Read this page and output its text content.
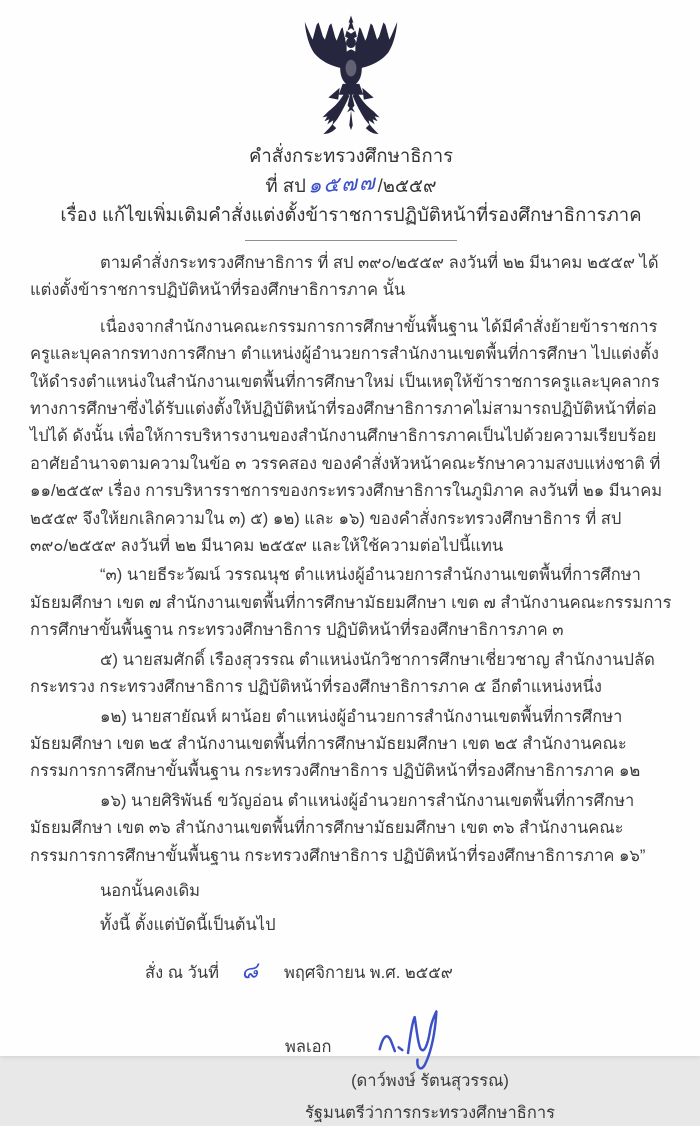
คำสั่งกระทรวงศึกษาธิการ
ที่ สป๑๕๗๗/๒๕๕๙
เรื่อง แก้ไขเพิ่มเติมคำสั่งแต่งตั้งข้าราชการปฏิบัติหน้าที่รองศึกษาธิการภาค

ตามคำสั่งกระทรวงศึกษาธิการ ที่ สป ๓๙๐/๒๕๕๙ ลงวันที่ ๒๒ มีนาคม ๒๕๕๙ ได้แต่งตั้งข้าราชการปฏิบัติหน้าที่รองศึกษาธิการภาค นั้น

เนื่องจากสำนักงานคณะกรรมการการศึกษาขั้นพื้นฐาน ได้มีคำสั่งย้ายข้าราชการครูและบุคลากรทางการศึกษา ตำแหน่งผู้อำนวยการสำนักงานเขตพื้นที่การศึกษา ไปแต่งตั้งให้ดำรงตำแหน่งในสำนักงานเขตพื้นที่การศึกษาใหม่ เป็นเหตุให้ข้าราชการครูและบุคลากรทางการศึกษาซึ่งได้รับแต่งตั้งให้ปฏิบัติหน้าที่รองศึกษาธิการภาคไม่สามารถปฏิบัติหน้าที่ต่อไปได้ ดังนั้น เพื่อให้การบริหารงานของสำนักงานศึกษาธิการภาคเป็นไปด้วยความเรียบร้อย อาศัยอำนาจตามความในข้อ ๓ วรรคสอง ของคำสั่งหัวหน้าคณะรักษาความสงบแห่งชาติ ที่ ๑๑/๒๕๕๙ เรื่อง การบริหารราชการของกระทรวงศึกษาธิการในภูมิภาค ลงวันที่ ๒๑ มีนาคม ๒๕๕๙ จึงให้ยกเลิกความใน ๓) ๕) ๑๒) และ ๑๖) ของคำสั่งกระทรวงศึกษาธิการ ที่ สป ๓๙๐/๒๕๕๙ ลงวันที่ ๒๒ มีนาคม ๒๕๕๙ และให้ใช้ความต่อไปนี้แทน

“๓) นายธีระวัฒน์ วรรณนุช ตำแหน่งผู้อำนวยการสำนักงานเขตพื้นที่การศึกษามัธยมศึกษา เขต ๗ สำนักงานเขตพื้นที่การศึกษามัธยมศึกษา เขต ๗ สำนักงานคณะกรรมการการศึกษาขั้นพื้นฐาน กระทรวงศึกษาธิการ ปฏิบัติหน้าที่รองศึกษาธิการภาค ๓

๕) นายสมศักดิ์ เรืองสุวรรณ ตำแหน่งนักวิชาการศึกษาเชี่ยวชาญ สำนักงานปลัดกระทรวง กระทรวงศึกษาธิการ ปฏิบัติหน้าที่รองศึกษาธิการภาค ๕ อีกตำแหน่งหนึ่ง

๑๒) นายสายัณห์ ผาน้อย ตำแหน่งผู้อำนวยการสำนักงานเขตพื้นที่การศึกษามัธยมศึกษา เขต ๒๕ สำนักงานเขตพื้นที่การศึกษามัธยมศึกษา เขต ๒๕ สำนักงานคณะกรรมการการศึกษาขั้นพื้นฐาน กระทรวงศึกษาธิการ ปฏิบัติหน้าที่รองศึกษาธิการภาค ๑๒

๑๖) นายศิริพันธ์ ขวัญอ่อน ตำแหน่งผู้อำนวยการสำนักงานเขตพื้นที่การศึกษามัธยมศึกษา เขต ๓๖ สำนักงานเขตพื้นที่การศึกษามัธยมศึกษา เขต ๓๖ สำนักงานคณะกรรมการการศึกษาขั้นพื้นฐาน กระทรวงศึกษาธิการ ปฏิบัติหน้าที่รองศึกษาธิการภาค ๑๖”

นอกนั้นคงเดิม

ทั้งนี้ ตั้งแต่บัดนี้เป็นต้นไป

สั่ง ณ วันที่ ๘ พฤศจิกายน พ.ศ. ๒๕๕๙
พลเอก
(ดาว์พงษ์ รัตนสุวรรณ)
รัฐมนตรีว่าการกระทรวงศึกษาธิการ
